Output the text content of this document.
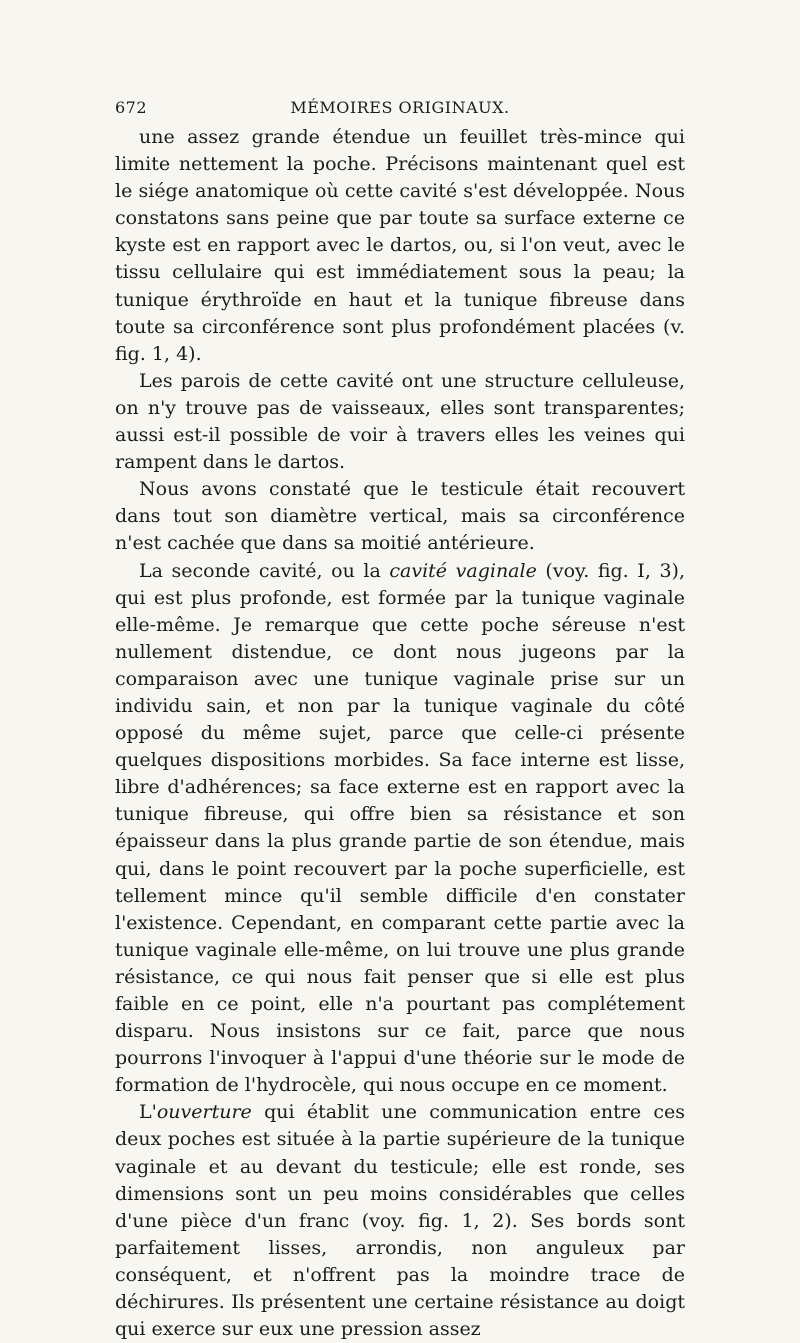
672	MÉMOIRES ORIGINAUX.

une assez grande étendue un feuillet très-mince qui limite nettement la poche. Précisons maintenant quel est le siége anatomique où cette cavité s'est développée. Nous constatons sans peine que par toute sa surface externe ce kyste est en rapport avec le dartos, ou, si l'on veut, avec le tissu cellulaire qui est immédiatement sous la peau; la tunique érythroïde en haut et la tunique fibreuse dans toute sa circonférence sont plus profondément placées (v. fig. 1, 4).

Les parois de cette cavité ont une structure celluleuse, on n'y trouve pas de vaisseaux, elles sont transparentes; aussi est-il possible de voir à travers elles les veines qui rampent dans le dartos.

Nous avons constaté que le testicule était recouvert dans tout son diamètre vertical, mais sa circonférence n'est cachée que dans sa moitié antérieure.

La seconde cavité, ou la cavité vaginale (voy. fig. I, 3), qui est plus profonde, est formée par la tunique vaginale elle-même. Je remarque que cette poche séreuse n'est nullement distendue, ce dont nous jugeons par la comparaison avec une tunique vaginale prise sur un individu sain, et non par la tunique vaginale du côté opposé du même sujet, parce que celle-ci présente quelques dispositions morbides. Sa face interne est lisse, libre d'adhérences; sa face externe est en rapport avec la tunique fibreuse, qui offre bien sa résistance et son épaisseur dans la plus grande partie de son étendue, mais qui, dans le point recouvert par la poche superficielle, est tellement mince qu'il semble difficile d'en constater l'existence. Cependant, en comparant cette partie avec la tunique vaginale elle-même, on lui trouve une plus grande résistance, ce qui nous fait penser que si elle est plus faible en ce point, elle n'a pourtant pas complétement disparu. Nous insistons sur ce fait, parce que nous pourrons l'invoquer à l'appui d'une théorie sur le mode de formation de l'hydrocèle, qui nous occupe en ce moment.

L'ouverture qui établit une communication entre ces deux poches est située à la partie supérieure de la tunique vaginale et au devant du testicule; elle est ronde, ses dimensions sont un peu moins considérables que celles d'une pièce d'un franc (voy. fig. 1, 2). Ses bords sont parfaitement lisses, arrondis, non anguleux par conséquent, et n'offrent pas la moindre trace de déchirures. Ils présentent une certaine résistance au doigt qui exerce sur eux une pression assez
